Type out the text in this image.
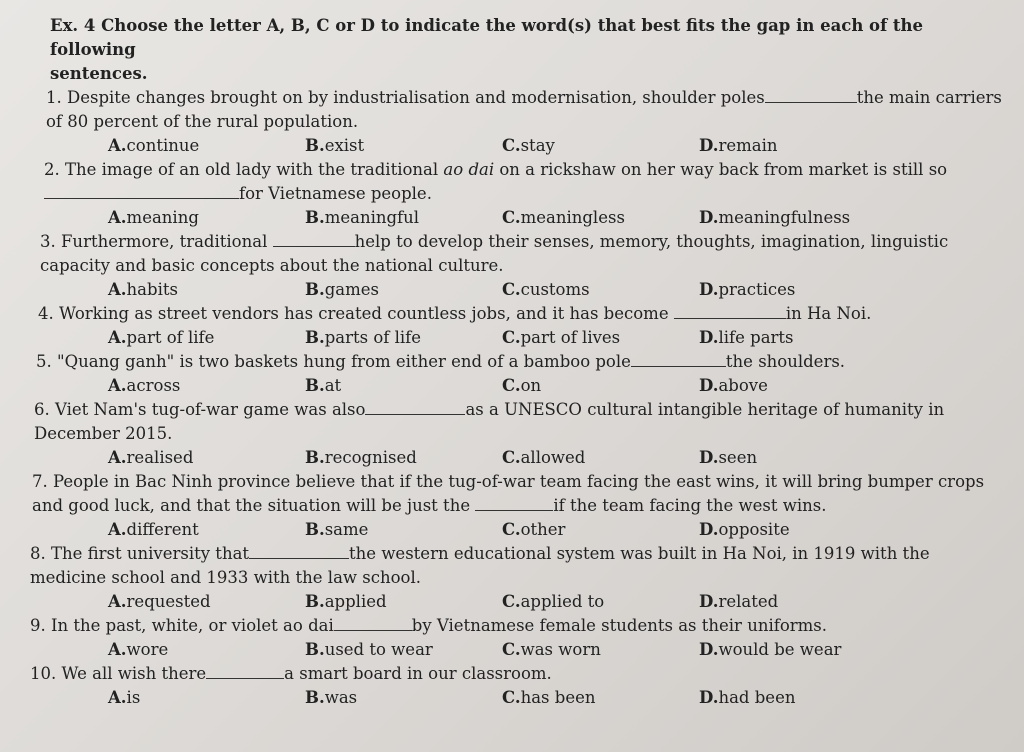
Ex. 4 Choose the letter A, B, C or D to indicate the word(s) that best fits the gap in each of the following
sentences.
1. Despite changes brought on by industrialisation and modernisation, shoulder poles	the main carriers of 80 percent of the rural population.
A.continue	B.exist	C.stay	D.remain
2. The image of an old lady with the traditional ao dai on a rickshaw on her way back from market is still so
for Vietnamese people.
A.meaning	B.meaningful	C.meaningless	D.meaningfulness
3. Furthermore, traditional	help to develop their senses, memory, thoughts, imagination, linguistic capacity and basic concepts about the national culture.
A.habits	B.games	C.customs	D.practices
4. Working as street vendors has created countless jobs, and it has become	in Ha Noi.
A.part of life	B.parts of life	C.part of lives	D.life parts
5. "Quang ganh" is two baskets hung from either end of a bamboo pole	the shoulders.
A.across	B.at	C.on	D.above
6. Viet Nam's tug-of-war game was also	as a UNESCO cultural intangible heritage of humanity in December 2015.
A.realised	B.recognised	C.allowed	D.seen
7. People in Bac Ninh province believe that if the tug-of-war team facing the east wins, it will bring bumper crops and good luck, and that the situation will be just the	if the team facing the west wins.
A.different	B.same	C.other	D.opposite
8. The first university that	the western educational system was built in Ha Noi, in 1919 with the medicine school and 1933 with the law school.
A.requested	B.applied	C.applied to	D.related
9. In the past, white, or violet ao dai	by Vietnamese female students as their uniforms.
A.wore	B.used to wear	C.was worn	D.would be wear
10. We all wish there	a smart board in our classroom.
A.is	B.was	C.has been	D.had been
